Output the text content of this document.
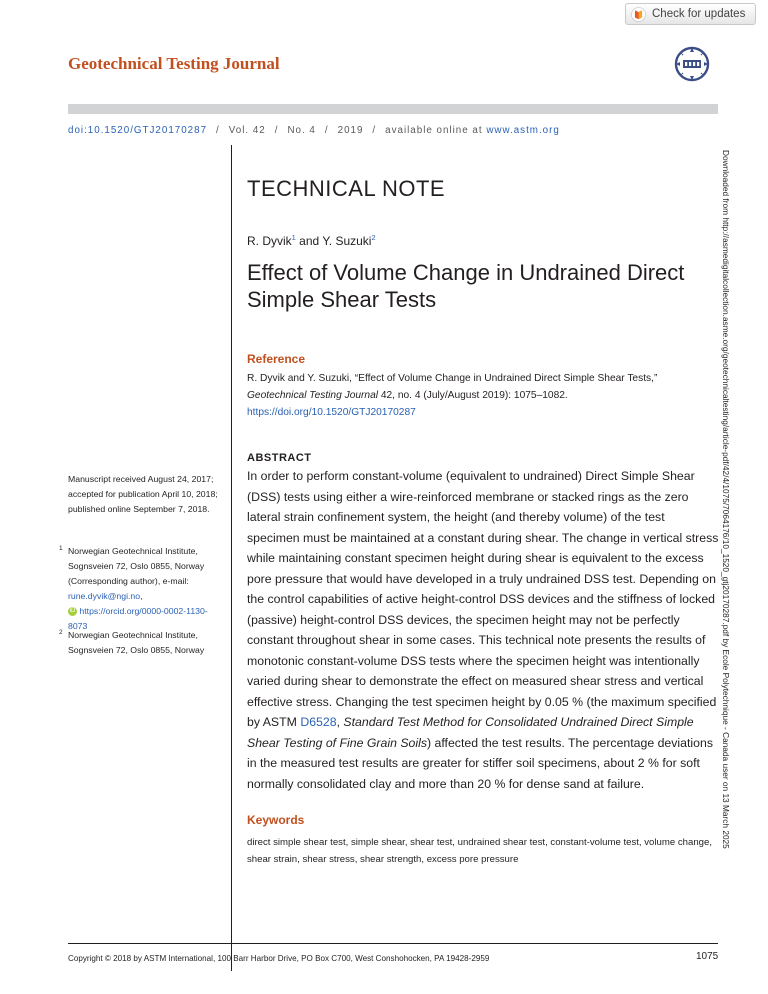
Check for updates
Geotechnical Testing Journal
doi:10.1520/GTJ20170287 / Vol. 42 / No. 4 / 2019 / available online at www.astm.org
Downloaded from http://asmedigitalcollection.asme.org/geotechnicaltesting/article-pdf/42/4/1075/7064176/10_1520_gtj20170287.pdf by Ecole Polytechnique - Canada user on 13 March 2025
TECHNICAL NOTE
R. Dyvik$^1$ and Y. Suzuki$^2$
Effect of Volume Change in Undrained Direct Simple Shear Tests
Reference
R. Dyvik and Y. Suzuki, “Effect of Volume Change in Undrained Direct Simple Shear Tests,” Geotechnical Testing Journal 42, no. 4 (July/August 2019): 1075–1082. https://doi.org/10.1520/GTJ20170287
ABSTRACT
In order to perform constant-volume (equivalent to undrained) Direct Simple Shear (DSS) tests using either a wire-reinforced membrane or stacked rings as the zero lateral strain confinement system, the height (and thereby volume) of the test specimen must be maintained at a constant during shear. The change in vertical stress while maintaining constant specimen height during shear is equivalent to the excess pore pressure that would have developed in a truly undrained DSS test. Depending on the control capabilities of active height-control DSS devices and the stiffness of locked (passive) height-control DSS devices, the specimen height may not be perfectly constant throughout shear in some cases. This technical note presents the results of monotonic constant-volume DSS tests where the specimen height was intentionally varied during shear to demonstrate the effect on measured shear stress and vertical effective stress. Changing the test specimen height by 0.05 % (the maximum specified by ASTM D6528, Standard Test Method for Consolidated Undrained Direct Simple Shear Testing of Fine Grain Soils) affected the test results. The percentage deviations in the measured test results are greater for stiffer soil specimens, about 2 % for soft normally consolidated clay and more than 20 % for dense sand at failure.
Keywords
direct simple shear test, simple shear, shear test, undrained shear test, constant-volume test, volume change, shear strain, shear stress, shear strength, excess pore pressure
Manuscript received August 24, 2017; accepted for publication April 10, 2018; published online September 7, 2018.
1 Norwegian Geotechnical Institute, Sognsveien 72, Oslo 0855, Norway (Corresponding author), e-mail: rune.dyvik@ngi.no,
iD https://orcid.org/0000-0002-1130-8073
2 Norwegian Geotechnical Institute, Sognsveien 72, Oslo 0855, Norway
Copyright © 2018 by ASTM International, 100 Barr Harbor Drive, PO Box C700, West Conshohocken, PA 19428-2959	1075
